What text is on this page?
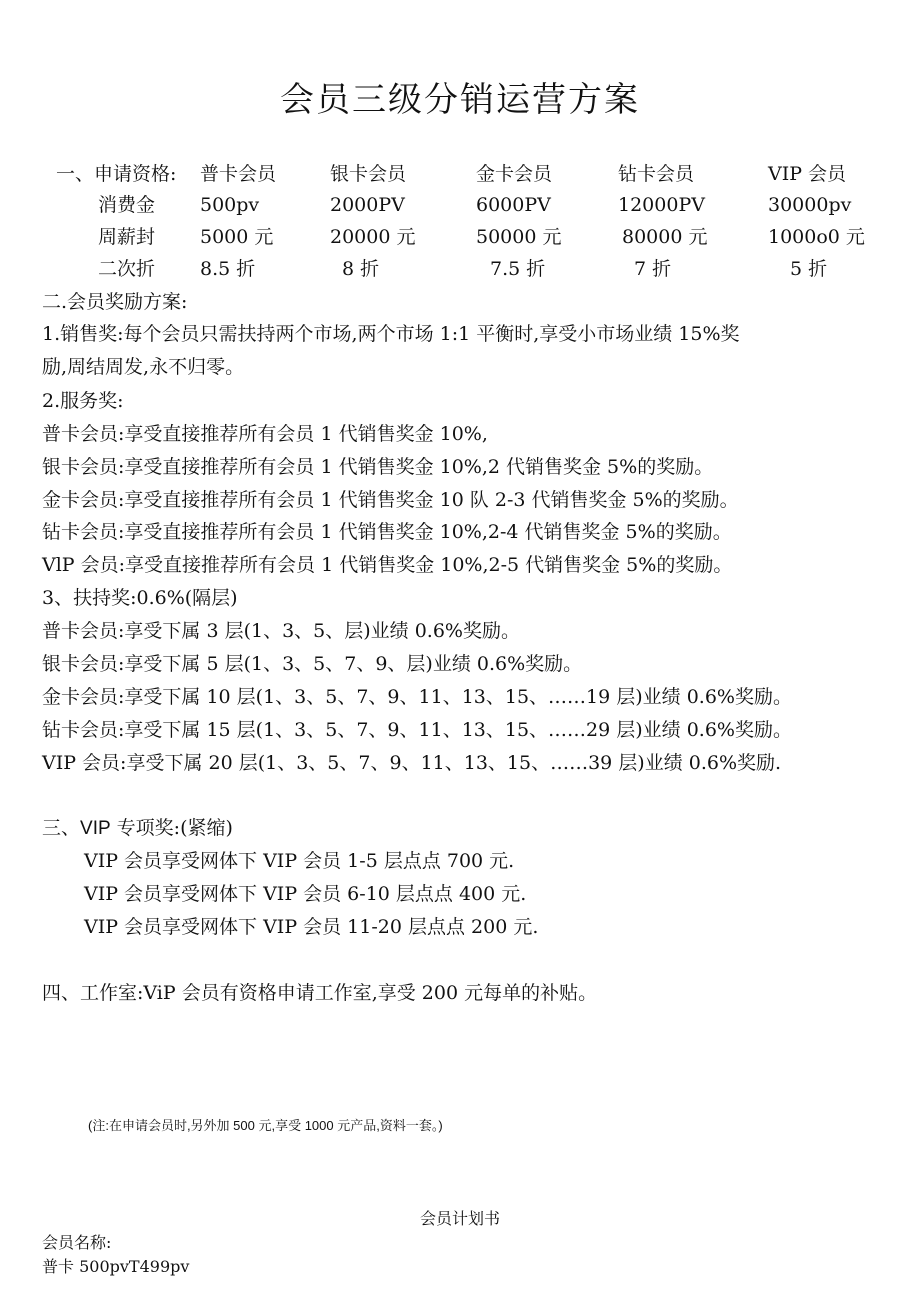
会员三级分销运营方案
一、申请资格: 普卡会员	银卡会员	金卡会员	钻卡会员	VIP 会员
消费金 500pv	2000PV	6000PV	12000PV	30000pv
周薪封 5000 元	20000 元	50000 元	80000 元	1000o0 元
二次折 8.5 折	8 折	7.5 折	7 折	5 折
二.会员奖励方案:
1.销售奖:每个会员只需扶持两个市场,两个市场 1:1 平衡时,享受小市场业绩 15%奖
励,周结周发,永不归零。
2.服务奖:
普卡会员:享受直接推荐所有会员 1 代销售奖金 10%,
银卡会员:享受直接推荐所有会员 1 代销售奖金 10%,2 代销售奖金 5%的奖励。
金卡会员:享受直接推荐所有会员 1 代销售奖金 10 队 2-3 代销售奖金 5%的奖励。
钻卡会员:享受直接推荐所有会员 1 代销售奖金 10%,2-4 代销售奖金 5%的奖励。
VlP 会员:享受直接推荐所有会员 1 代销售奖金 10%,2-5 代销售奖金 5%的奖励。
3、扶持奖:0.6%(隔层)
普卡会员:享受下属 3 层(1、3、5、层)业绩 0.6%奖励。
银卡会员:享受下属 5 层(1、3、5、7、9、层)业绩 0.6%奖励。
金卡会员:享受下属 10 层(1、3、5、7、9、11、13、15、……19 层)业绩 0.6%奖励。
钻卡会员:享受下属 15 层(1、3、5、7、9、11、13、15、……29 层)业绩 0.6%奖励。
VIP 会员:享受下属 20 层(1、3、5、7、9、11、13、15、……39 层)业绩 0.6%奖励.
三、VIP 专项奖:(紧缩)
VIP 会员享受网体下 VIP 会员 1-5 层点点 700 元.
VIP 会员享受网体下 VIP 会员 6-10 层点点 400 元.
VIP 会员享受网体下 VIP 会员 11-20 层点点 200 元.
四、工作室:ViP 会员有资格申请工作室,享受 200 元每单的补贴。
(注:在申请会员时,另外加 500 元,享受 1000 元产品,资料一套。)
会员计划书
会员名称:
普卡 500pvT499pv
